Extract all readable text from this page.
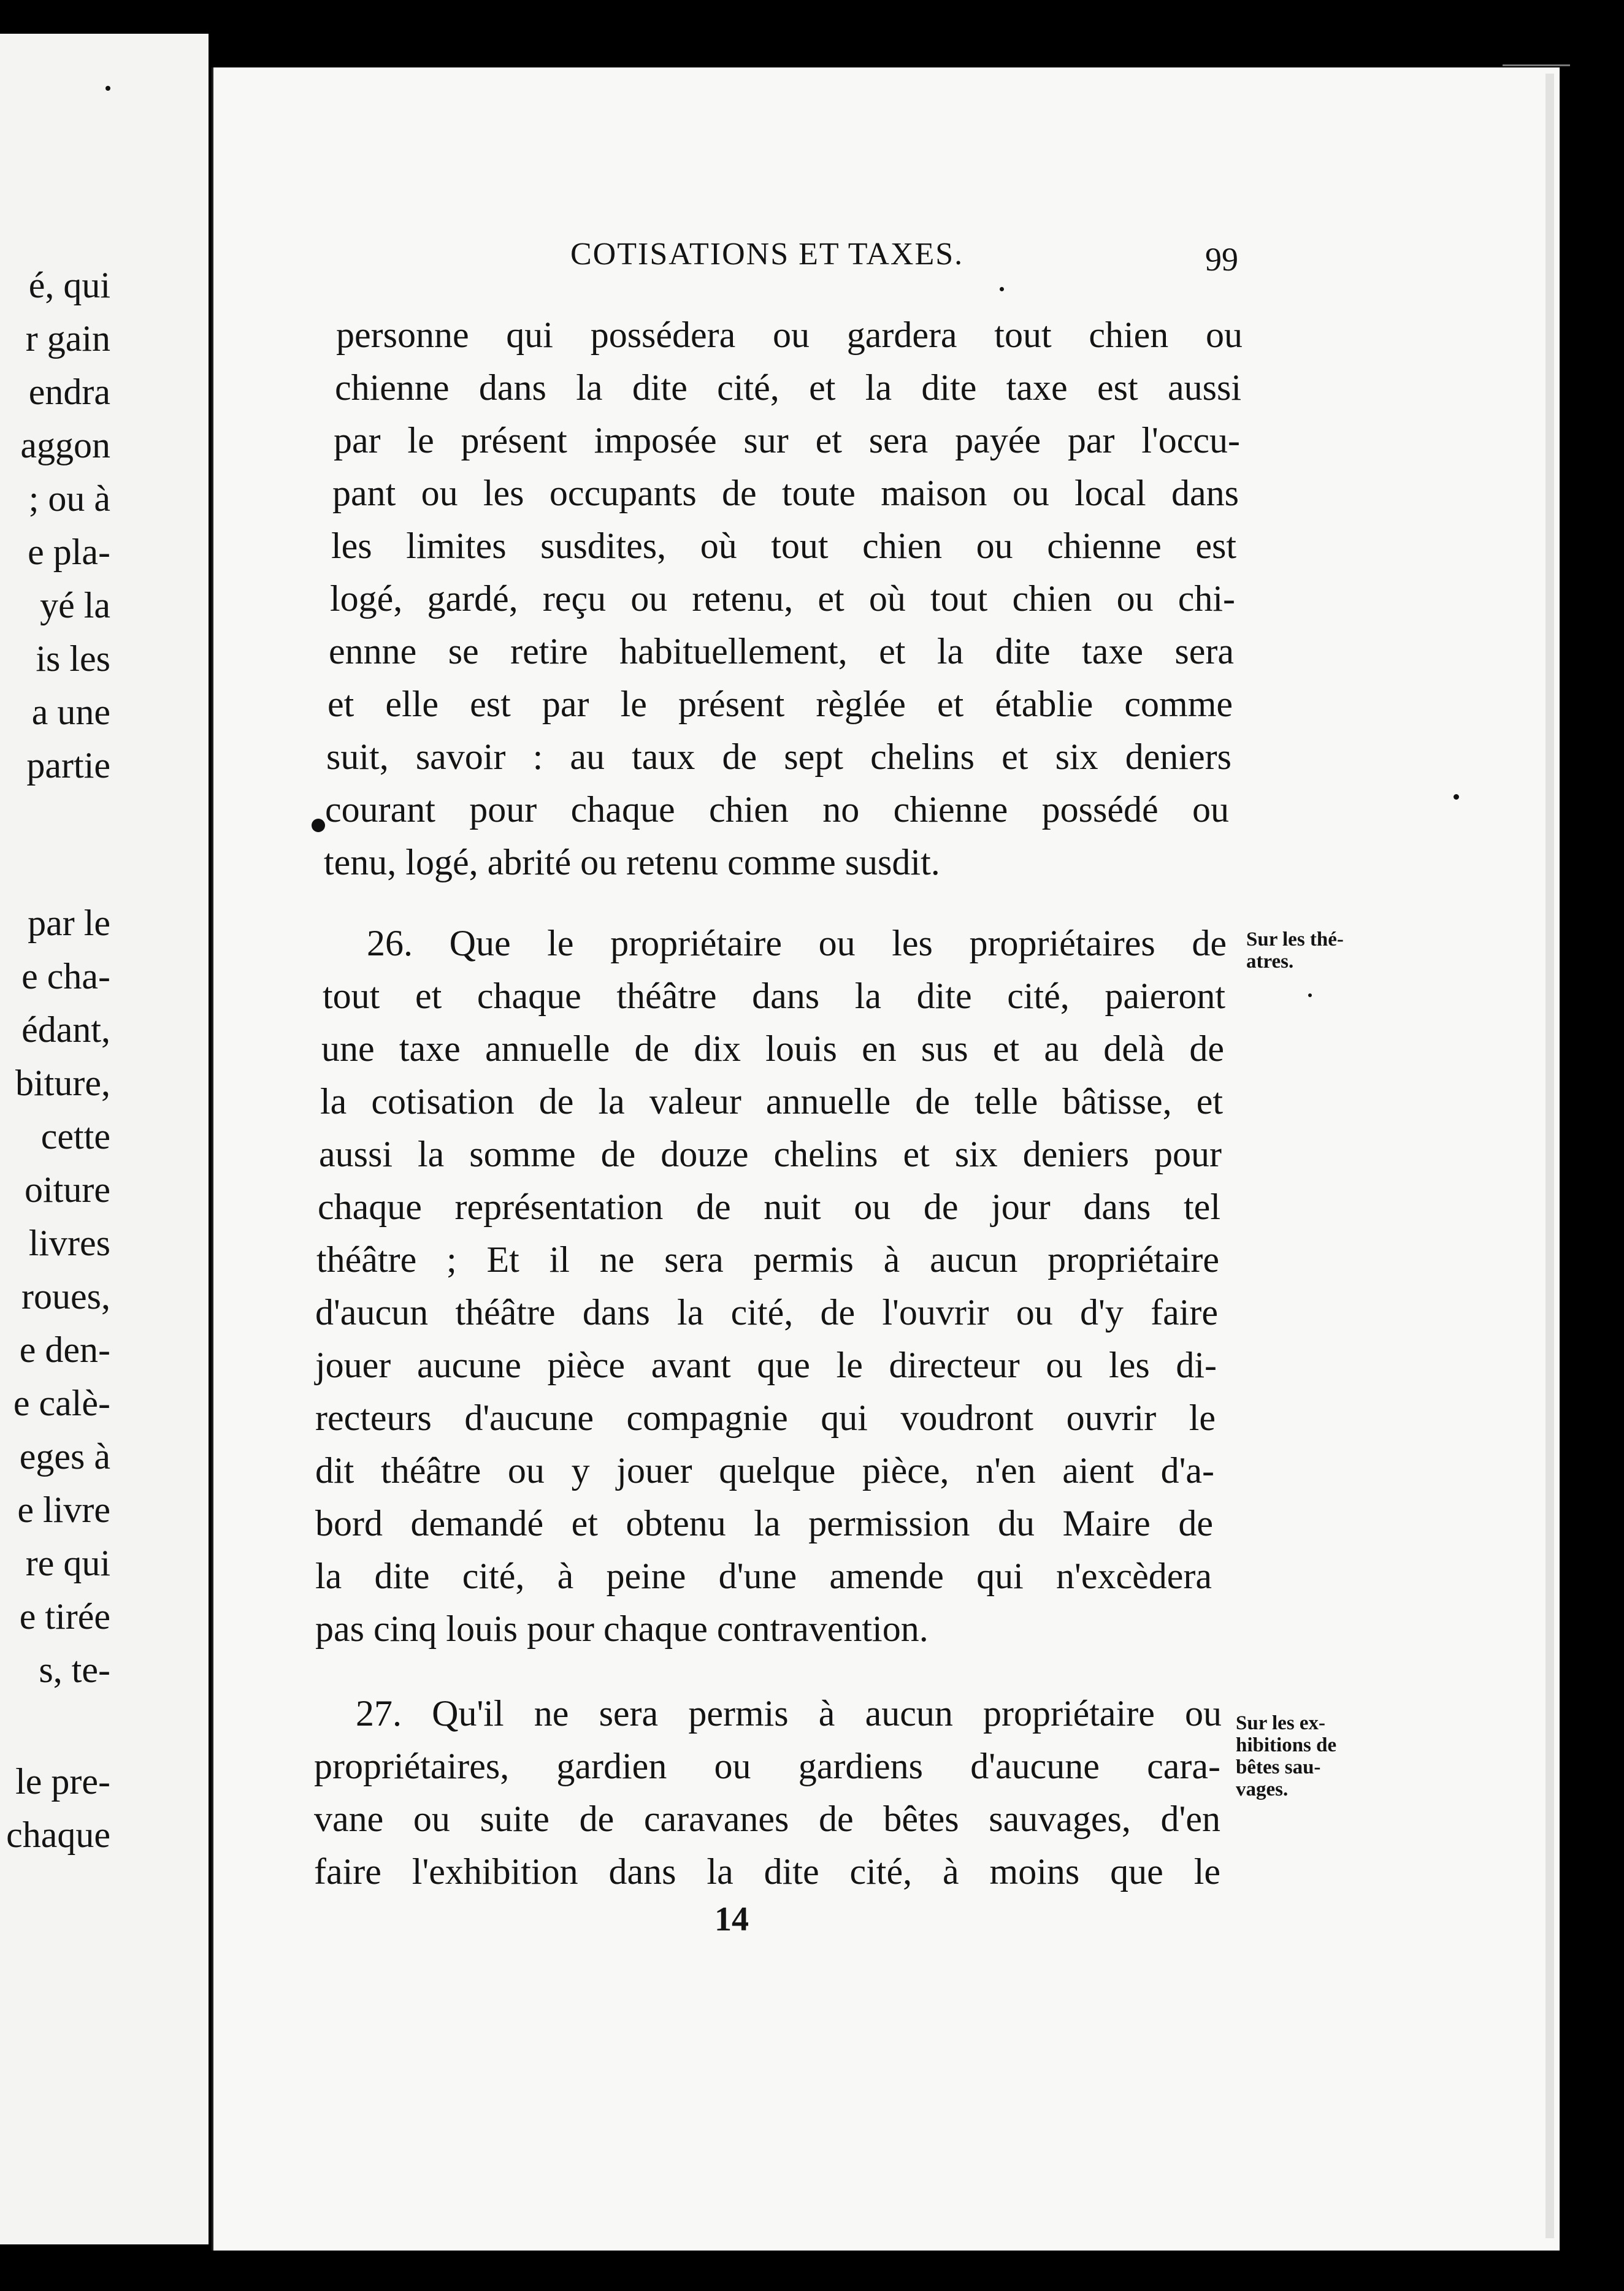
é, qui
r gain
endra
aggon
; ou à
e pla-
yé la
is les
a une
partie
par le
e cha-
édant,
biture,
cette
oiture
livres
roues,
e den-
e calè-
eges à
e livre
re qui
e tirée
s, te-
le pre-
chaque
COTISATIONS ET TAXES.	99
personne qui possédera ou gardera tout chien ou
chienne dans la dite cité, et la dite taxe est aussi
par le présent imposée sur et sera payée par l'occu-
pant ou les occupants de toute maison ou local dans
les limites susdites, où tout chien ou chienne est
logé, gardé, reçu ou retenu, et où tout chien ou chi-
ennne se retire habituellement, et la dite taxe sera
et elle est par le présent règlée et établie comme
suit, savoir : au taux de sept chelins et six deniers
courant pour chaque chien no chienne possédé ou
tenu, logé, abrité ou retenu comme susdit.
26. Que le propriétaire ou les propriétaires de
tout et chaque théâtre dans la dite cité, paieront
une taxe annuelle de dix louis en sus et au delà de
la cotisation de la valeur annuelle de telle bâtisse, et
aussi la somme de douze chelins et six deniers pour
chaque représentation de nuit ou de jour dans tel
théâtre ; Et il ne sera permis à aucun propriétaire
d'aucun théâtre dans la cité, de l'ouvrir ou d'y faire
jouer aucune pièce avant que le directeur ou les di-
recteurs d'aucune compagnie qui voudront ouvrir le
dit théâtre ou y jouer quelque pièce, n'en aient d'a-
bord demandé et obtenu la permission du Maire de
la dite cité, à peine d'une amende qui n'excèdera
pas cinq louis pour chaque contravention.
27. Qu'il ne sera permis à aucun propriétaire ou
propriétaires, gardien ou gardiens d'aucune cara-
vane ou suite de caravanes de bêtes sauvages, d'en
faire l'exhibition dans la dite cité, à moins que le
Sur les thé-
atres.
Sur les ex-
hibitions de
bêtes sau-
vages.
14
